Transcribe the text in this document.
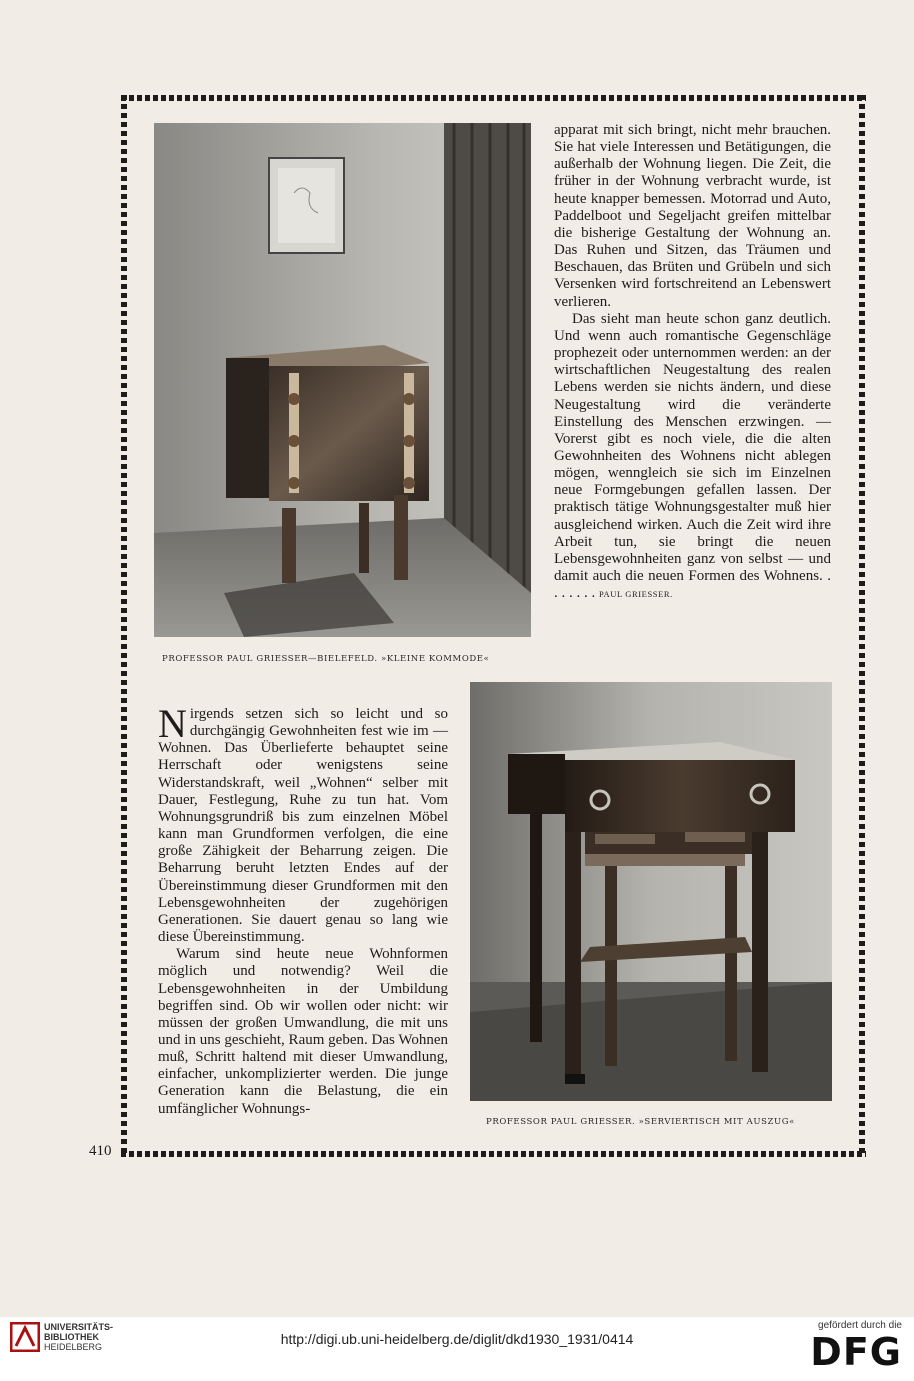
PROFESSOR PAUL GRIESSER—BIELEFELD. »KLEINE KOMMODE«

apparat mit sich bringt, nicht mehr brauchen. Sie hat viele Interessen und Betätigungen, die außerhalb der Wohnung liegen. Die Zeit, die früher in der Wohnung verbracht wurde, ist heute knapper bemessen. Motorrad und Auto, Paddelboot und Segeljacht greifen mittelbar die bisherige Gestaltung der Wohnung an. Das Ruhen und Sitzen, das Träumen und Beschauen, das Brüten und Grübeln und sich Versenken wird fortschreitend an Lebenswert verlieren.

Das sieht man heute schon ganz deutlich. Und wenn auch romantische Gegenschläge prophezeit oder unternommen werden: an der wirtschaftlichen Neugestaltung des realen Lebens werden sie nichts ändern, und diese Neugestaltung wird die veränderte Einstellung des Menschen erzwingen. — Vorerst gibt es noch viele, die die alten Gewohnheiten des Wohnens nicht ablegen mögen, wenngleich sie sich im Einzelnen neue Formgebungen gefallen lassen. Der praktisch tätige Wohnungsgestalter muß hier ausgleichend wirken. Auch die Zeit wird ihre Arbeit tun, sie bringt die neuen Lebensgewohnheiten ganz von selbst — und damit auch die neuen Formen des Wohnens. . . . . . . . PAUL GRIESSER.

Nirgends setzen sich so leicht und so durchgängig Gewohnheiten fest wie im — Wohnen. Das Überlieferte behauptet seine Herrschaft oder wenigstens seine Widerstandskraft, weil „Wohnen“ selber mit Dauer, Festlegung, Ruhe zu tun hat. Vom Wohnungsgrundriß bis zum einzelnen Möbel kann man Grundformen verfolgen, die eine große Zähigkeit der Beharrung zeigen. Die Beharrung beruht letzten Endes auf der Übereinstimmung dieser Grundformen mit den Lebensgewohnheiten der zugehörigen Generationen. Sie dauert genau so lang wie diese Übereinstimmung.

Warum sind heute neue Wohnformen möglich und notwendig? Weil die Lebensgewohnheiten in der Umbildung begriffen sind. Ob wir wollen oder nicht: wir müssen der großen Umwandlung, die mit uns und in uns geschieht, Raum geben. Das Wohnen muß, Schritt haltend mit dieser Umwandlung, einfacher, unkomplizierter werden. Die junge Generation kann die Belastung, die ein umfänglicher Wohnungs-

PROFESSOR PAUL GRIESSER. »SERVIERTISCH MIT AUSZUG«
410
UNIVERSITÄTS-
BIBLIOTHEK
HEIDELBERG	http://digi.ub.uni-heidelberg.de/diglit/dkd1930_1931/0414
gefördert durch die
DFG
